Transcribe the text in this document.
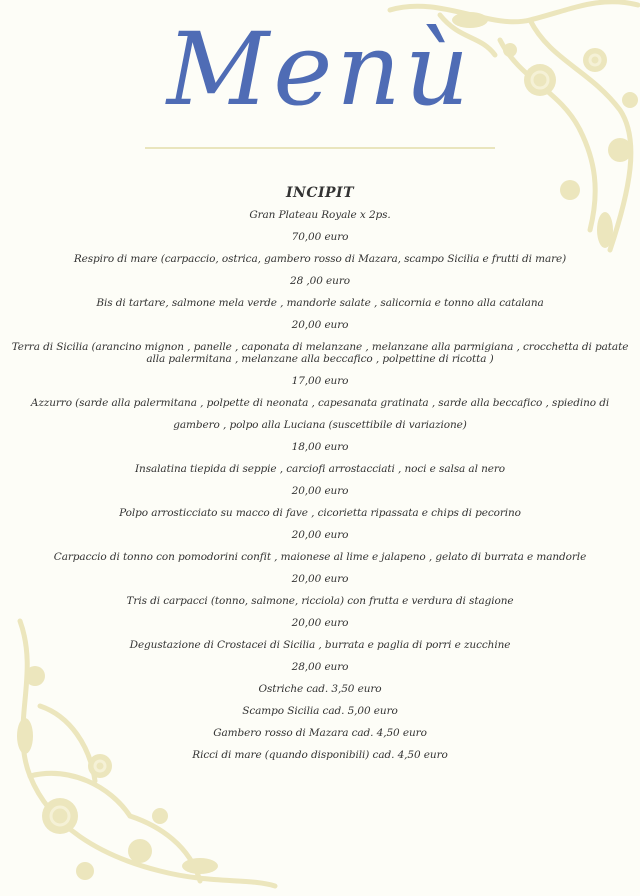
Menù
INCIPIT
Gran Plateau Royale x 2ps.
70,00 euro
Respiro di mare (carpaccio, ostrica, gambero rosso di Mazara, scampo Sicilia e frutti di mare)
28 ,00 euro
Bis di tartare, salmone mela verde , mandorle salate , salicornia e tonno alla catalana
20,00 euro
Terra di Sicilia (arancino mignon , panelle , caponata di melanzane , melanzane alla parmigiana , crocchetta di patate alla palermitana , melanzane alla beccafico , polpettine di ricotta )
17,00 euro
Azzurro (sarde alla palermitana , polpette di neonata , capesanata gratinata , sarde alla beccafico , spiedino di gambero , polpo alla Luciana (suscettibile di variazione)
18,00 euro
Insalatina tiepida di seppie , carciofi arrostacciati , noci e salsa al nero
20,00 euro
Polpo arrosticciato su macco di fave , cicorietta ripassata e chips di pecorino
20,00 euro
Carpaccio di tonno con pomodorini confit , maionese al lime e jalapeno , gelato di burrata e mandorle
20,00 euro
Tris di carpacci (tonno, salmone, ricciola) con frutta e verdura di stagione
20,00 euro
Degustazione di Crostacei di Sicilia , burrata e paglia di porri e zucchine
28,00 euro
Ostriche cad. 3,50 euro
Scampo Sicilia cad. 5,00 euro
Gambero rosso di Mazara cad. 4,50 euro
Ricci di mare (quando disponibili) cad. 4,50 euro
